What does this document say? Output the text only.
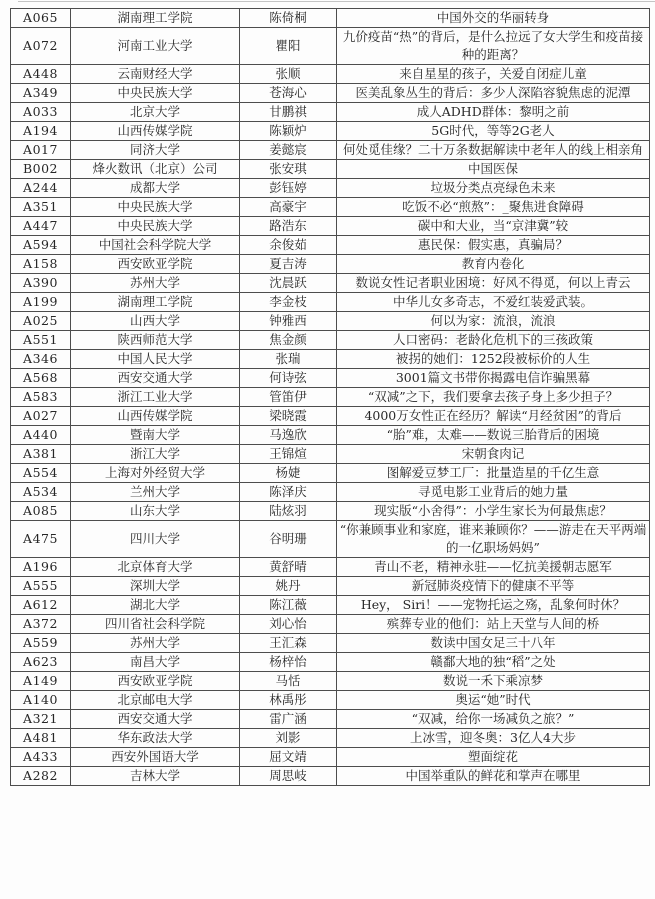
A065	湖南理工学院	陈倚桐	中国外交的华丽转身
A072	河南工业大学	瞿阳	九价疫苗“热”的背后，是什么拉远了女大学生和疫苗接种的距离？
A448	云南财经大学	张顺	来自星星的孩子，关爱自闭症儿童
A349	中央民族大学	苍海心	医美乱象丛生的背后：多少人深陷容貌焦虑的泥潭
A033	北京大学	甘鹏祺	成人ADHD群体：黎明之前
A194	山西传媒学院	陈颖炉	5G时代，等等2G老人
A017	同济大学	姜懿宸	何处觅佳缘？二十万条数据解读中老年人的线上相亲角
B002	烽火数讯（北京）公司	张安琪	中国医保
A244	成都大学	彭钰婷	垃圾分类点亮绿色未来
A351	中央民族大学	高豪宇	吃饭不必“煎熬”：_聚焦进食障碍
A447	中央民族大学	路浩东	碳中和大业，当“京津冀”较
A594	中国社会科学院大学	余俊茹	惠民保：假实惠，真骗局？
A158	西安欧亚学院	夏吉涛	教育内卷化
A390	苏州大学	沈晨跃	数说女性记者职业困境：好风不得觅，何以上青云
A199	湖南理工学院	李金枝	中华儿女多奇志，不爱红装爱武装。
A025	山西大学	钟雅西	何以为家：流浪，流浪
A551	陕西师范大学	焦金颜	人口密码：老龄化危机下的三孩政策
A346	中国人民大学	张瑞	被拐的她们：1252段被标价的人生
A568	西安交通大学	何诗弦	3001篇文书带你揭露电信诈骗黑幕
A583	浙江工业大学	管笛伊	“双减”之下，我们要拿去孩子身上多少担子？
A027	山西传媒学院	梁晓霞	4000万女性正在经历？解读“月经贫困”的背后
A440	暨南大学	马逸欣	“胎”难，太难——数说三胎背后的困境
A381	浙江大学	王锦煊	宋朝食肉记
A554	上海对外经贸大学	杨婕	图解爱豆梦工厂：批量造星的千亿生意
A534	兰州大学	陈泽庆	寻觅电影工业背后的她力量
A085	山东大学	陆炫羽	现实版“小舍得”：小学生家长为何最焦虑？
A475	四川大学	谷明珊	“你兼顾事业和家庭，谁来兼顾你？——游走在天平两端的一亿职场妈妈”
A196	北京体育大学	黄舒晴	青山不老，精神永驻——忆抗美援朝志愿军
A555	深圳大学	姚丹	新冠肺炎疫情下的健康不平等
A612	湖北大学	陈江薇	Hey， Siri！——宠物托运之殇，乱象何时休？
A372	四川省社会科学院	刘心怡	殡葬专业的他们：站上天堂与人间的桥
A559	苏州大学	王汇森	数读中国女足三十八年
A623	南昌大学	杨梓怡	赣鄱大地的独“稻”之处
A149	西安欧亚学院	马恬	数说一禾下乘凉梦
A140	北京邮电大学	林禹彤	奥运“她”时代
A321	西安交通大学	雷广涵	“双减，给你一场减负之旅？”
A481	华东政法大学	刘影	上冰雪，迎冬奥：3亿人4大步
A433	西安外国语大学	屈文靖	塑面绽花
A282	吉林大学	周思岐	中国举重队的鲜花和掌声在哪里
